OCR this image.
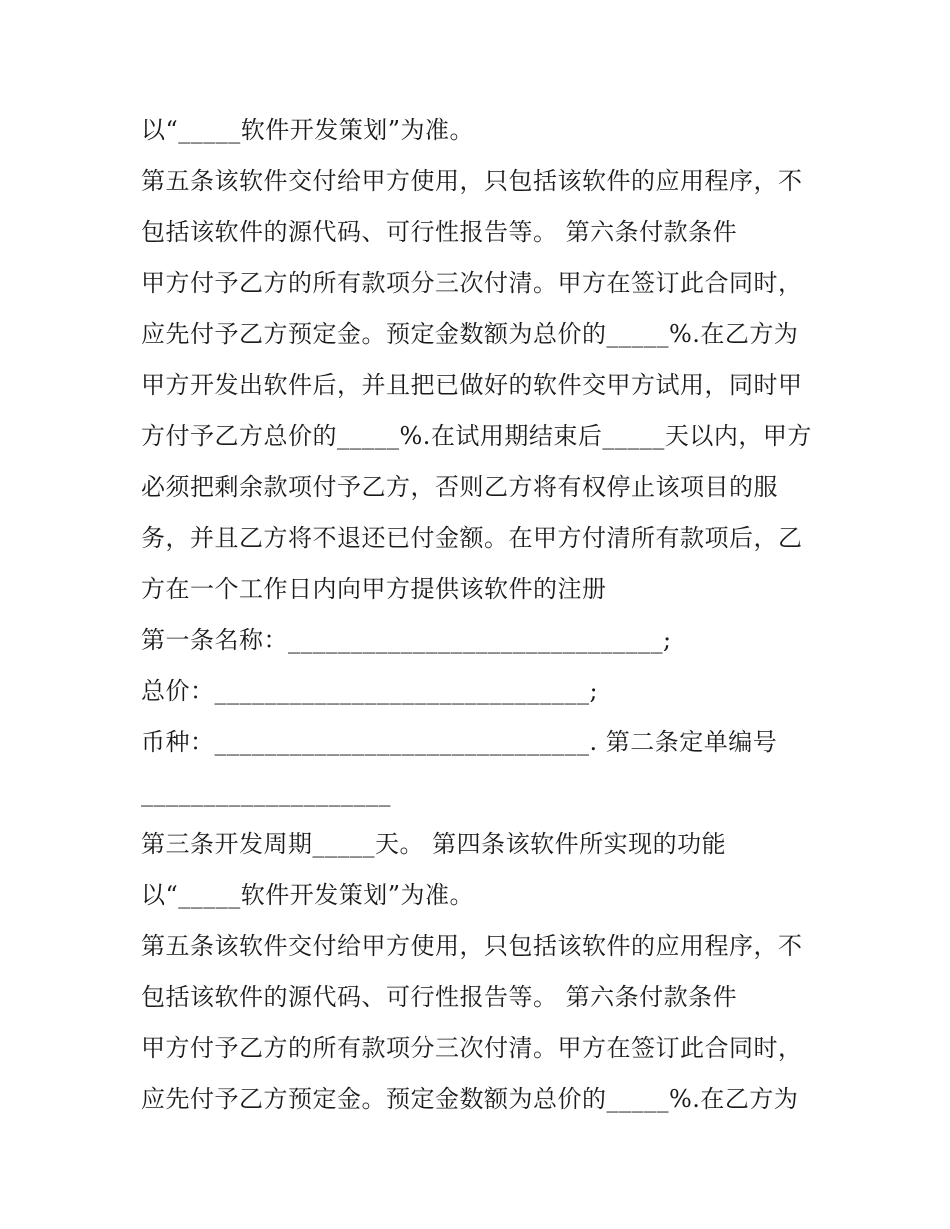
以“_____软件开发策划”为准。
第五条该软件交付给甲方使用，只包括该软件的应用程序，不
包括该软件的源代码、可行性报告等。 第六条付款条件
甲方付予乙方的所有款项分三次付清。甲方在签订此合同时，
应先付予乙方预定金。预定金数额为总价的_____%.在乙方为
甲方开发出软件后，并且把已做好的软件交甲方试用，同时甲
方付予乙方总价的_____%.在试用期结束后_____天以内，甲方
必须把剩余款项付予乙方，否则乙方将有权停止该项目的服
务，并且乙方将不退还已付金额。在甲方付清所有款项后，乙
方在一个工作日内向甲方提供该软件的注册
第一条名称：______________________________;
总价：______________________________;
币种：______________________________. 第二条定单编号
____________________
第三条开发周期_____天。 第四条该软件所实现的功能
以“_____软件开发策划”为准。
第五条该软件交付给甲方使用，只包括该软件的应用程序，不
包括该软件的源代码、可行性报告等。 第六条付款条件
甲方付予乙方的所有款项分三次付清。甲方在签订此合同时，
应先付予乙方预定金。预定金数额为总价的_____%.在乙方为
